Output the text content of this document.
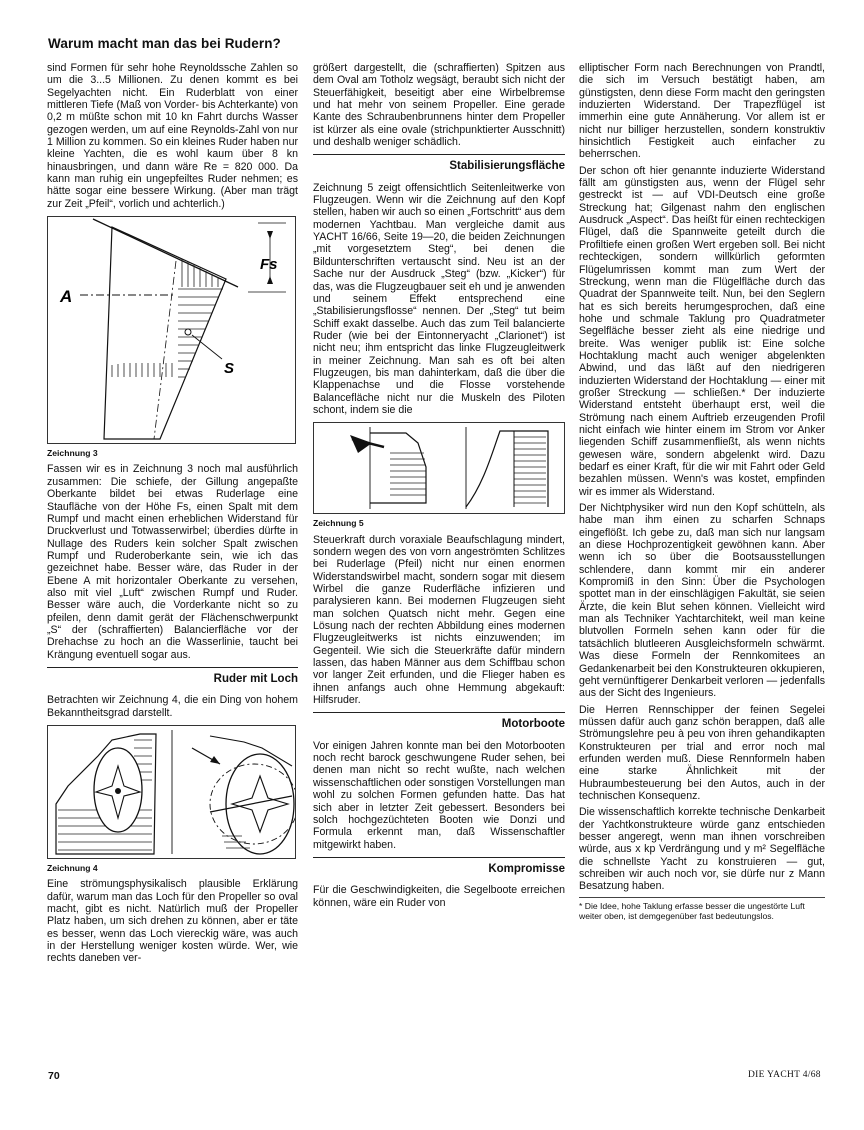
Warum macht man das bei Rudern?

sind Formen für sehr hohe Reynoldssche Zahlen so um die 3...5 Millionen. Zu denen kommt es bei Segelyachten nicht. Ein Ruderblatt von einer mittleren Tiefe (Maß von Vorder- bis Achterkante) von 0,2 m müßte schon mit 10 kn Fahrt durchs Wasser gezogen werden, um auf eine Reynolds-Zahl von nur 1 Million zu kommen. So ein kleines Ruder haben nur kleine Yachten, die es wohl kaum über 8 kn hinausbringen, und dann wäre Re = 820 000. Da kann man ruhig ein ungepfeiltes Ruder nehmen; es hätte sogar eine bessere Wirkung. (Aber man trägt zur Zeit „Pfeil“, vorlich und achterlich.)

Fs
A
S
Zeichnung 3

Fassen wir es in Zeichnung 3 noch mal ausführlich zusammen: Die schiefe, der Gillung angepaßte Oberkante bildet bei etwas Ruderlage eine Staufläche von der Höhe Fs, einen Spalt mit dem Rumpf und macht einen erheblichen Widerstand für Druckverlust und Totwasserwirbel; überdies dürfte in Nullage des Ruders kein solcher Spalt zwischen Rumpf und Ruderoberkante sein, wie ich das gezeichnet habe. Besser wäre, das Ruder in der Ebene A mit horizontaler Oberkante zu versehen, also mit viel „Luft“ zwischen Rumpf und Ruder. Besser wäre auch, die Vorderkante nicht so zu pfeilen, denn damit gerät der Flächenschwerpunkt „S“ der (schraffierten) Balancierfläche vor der Drehachse zu hoch an die Wasserlinie, taucht bei Krängung eventuell sogar aus.

Ruder mit Loch

Betrachten wir Zeichnung 4, die ein Ding von hohem Bekanntheitsgrad darstellt.

Zeichnung 4

Eine strömungsphysikalisch plausible Erklärung dafür, warum man das Loch für den Propeller so oval macht, gibt es nicht. Natürlich muß der Propeller Platz haben, um sich drehen zu können, aber er täte es besser, wenn das Loch viereckig wäre, was auch in der Herstellung weniger kosten würde. Wer, wie rechts daneben ver-

größert dargestellt, die (schraffierten) Spitzen aus dem Oval am Totholz wegsägt, beraubt sich nicht der Steuerfähigkeit, beseitigt aber eine Wirbelbremse und hat mehr von seinem Propeller. Eine gerade Kante des Schraubenbrunnens hinter dem Propeller ist kürzer als eine ovale (strichpunktierter Ausschnitt) und deshalb weniger schädlich.

Stabilisierungsfläche

Zeichnung 5 zeigt offensichtlich Seitenleitwerke von Flugzeugen. Wenn wir die Zeichnung auf den Kopf stellen, haben wir auch so einen „Fortschritt“ aus dem modernen Yachtbau. Man vergleiche damit aus YACHT 16/66, Seite 19—20, die beiden Zeichnungen „mit vorgesetztem Steg“, bei denen die Bildunterschriften vertauscht sind. Neu ist an der Sache nur der Ausdruck „Steg“ (bzw. „Kicker“) für das, was die Flugzeugbauer seit eh und je anwenden und seinem Effekt entsprechend eine „Stabilisierungsflosse“ nennen. Der „Steg“ tut beim Schiff exakt dasselbe. Auch das zum Teil balancierte Ruder (wie bei der Eintonneryacht „Clarionet“) ist nicht neu; ihm entspricht das linke Flugzeugleitwerk in meiner Zeichnung. Man sah es oft bei alten Flugzeugen, bis man dahinterkam, daß die über die Klappenachse und die Flosse vorstehende Balancefläche nicht nur die Muskeln des Piloten schont, indem sie die

Zeichnung 5

Steuerkraft durch voraxiale Beaufschlagung mindert, sondern wegen des von vorn angeströmten Schlitzes bei Ruderlage (Pfeil) nicht nur einen enormen Widerstandswirbel macht, sondern sogar mit diesem Wirbel die ganze Ruderfläche infizieren und paralysieren kann. Bei modernen Flugzeugen sieht man solchen Quatsch nicht mehr. Gegen eine Lösung nach der rechten Abbildung eines modernen Flugzeugleitwerks ist nichts einzuwenden; im Gegenteil. Wie sich die Steuerkräfte dafür mindern lassen, das haben Männer aus dem Schiffbau schon vor langer Zeit erfunden, und die Flieger haben es ihnen anfangs auch ohne Hemmung abgekauft: Hilfsruder.

Motorboote

Vor einigen Jahren konnte man bei den Motorbooten noch recht barock geschwungene Ruder sehen, bei denen man nicht so recht wußte, nach welchen wissenschaftlichen oder sonstigen Vorstellungen man wohl zu solchen Formen gefunden hatte. Das hat sich aber in letzter Zeit gebessert. Besonders bei solch hochgezüchteten Booten wie Donzi und Formula erkennt man, daß Wissenschaftler mitgewirkt haben.

Kompromisse

Für die Geschwindigkeiten, die Segelboote erreichen können, wäre ein Ruder von

elliptischer Form nach Berechnungen von Prandtl, die sich im Versuch bestätigt haben, am günstigsten, denn diese Form macht den geringsten induzierten Widerstand. Der Trapezflügel ist immerhin eine gute Annäherung. Vor allem ist er nicht nur billiger herzustellen, sondern konstruktiv hinsichtlich Festigkeit auch einfacher zu beherrschen.

Der schon oft hier genannte induzierte Widerstand fällt am günstigsten aus, wenn der Flügel sehr gestreckt ist — auf VDI-Deutsch eine große Streckung hat; Gilgenast nahm den englischen Ausdruck „Aspect“. Das heißt für einen rechteckigen Flügel, daß die Spannweite geteilt durch die Profiltiefe einen großen Wert ergeben soll. Bei nicht rechteckigen, sondern willkürlich geformten Flügelumrissen kommt man zum Wert der Streckung, wenn man die Flügelfläche durch das Quadrat der Spannweite teilt. Nun, bei den Seglern hat es sich bereits herumgesprochen, daß eine hohe und schmale Taklung pro Quadratmeter Segelfläche besser zieht als eine niedrige und breite. Was weniger publik ist: Eine solche Hochtaklung macht auch weniger abgelenkten Abwind, und das läßt auf den niedrigeren induzierten Widerstand der Hochtaklung — einer mit großer Streckung — schließen.* Der induzierte Widerstand entsteht überhaupt erst, weil die Strömung nach einem Auftrieb erzeugenden Profil nicht einfach wie hinter einem im Strom vor Anker liegenden Schiff zusammenfließt, als wenn nichts gewesen wäre, sondern abgelenkt wird. Dazu bedarf es einer Kraft, für die wir mit Fahrt oder Geld bezahlen müssen. Wenn's was kostet, empfinden wir es immer als Widerstand.

Der Nichtphysiker wird nun den Kopf schütteln, als habe man ihm einen zu scharfen Schnaps eingeflößt. Ich gebe zu, daß man sich nur langsam an diese Hochprozentigkeit gewöhnen kann. Aber wenn ich so über die Bootsausstellungen schlendere, dann kommt mir ein anderer Kompromiß in den Sinn: Über die Psychologen spottet man in der einschlägigen Fakultät, sie seien Ärzte, die kein Blut sehen können. Vielleicht wird man als Techniker Yachtarchitekt, weil man keine blutvollen Formeln sehen kann oder für die tatsächlich blutleeren Ausgleichsformeln schwärmt. Was diese Formeln der Rennkomitees an Gedankenarbeit bei den Konstrukteuren okkupieren, geht vernünftigerer Denkarbeit verloren — jedenfalls aus der Sicht des Ingenieurs.

Die Herren Rennschipper der feinen Segelei müssen dafür auch ganz schön berappen, daß alle Strömungslehre peu à peu von ihren gehandikapten Konstrukteuren per trial and error noch mal erfunden werden muß. Diese Rennformeln haben eine starke Ähnlichkeit mit der Hubraumbesteuerung bei den Autos, auch in der technischen Konsequenz.

Die wissenschaftlich korrekte technische Denkarbeit der Yachtkonstrukteure würde ganz entschieden besser angeregt, wenn man ihnen vorschreiben würde, aus x kp Verdrängung und y m² Segelfläche die schnellste Yacht zu konstruieren — gut, schreiben wir auch noch vor, sie dürfe nur z Mann Besatzung haben.

* Die Idee, hohe Taklung erfasse besser die ungestörte Luft weiter oben, ist demgegenüber fast bedeutungslos.
70	DIE YACHT 4/68
